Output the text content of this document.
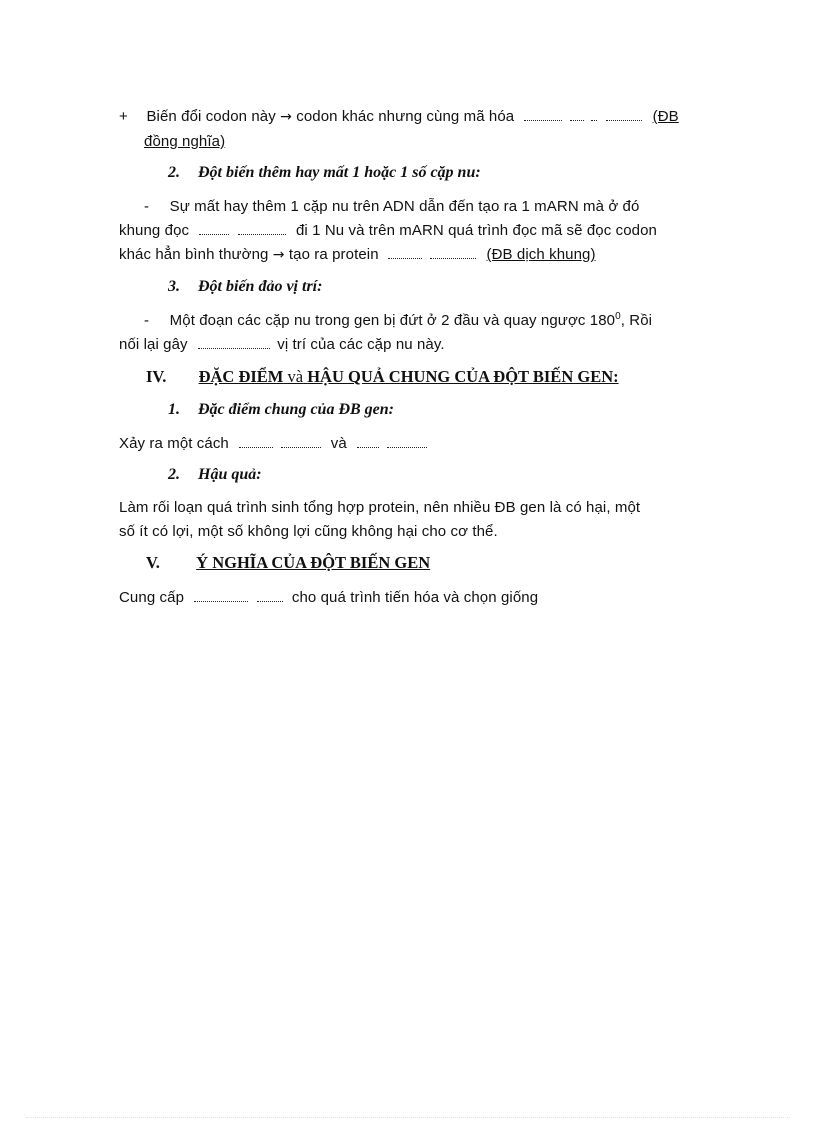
+ Biến đổi codon này → codon khác nhưng cùng mã hóa	(ĐB
đồng nghĩa)
2. Đột biến thêm hay mất 1 hoặc 1 số cặp nu:
- Sự mất hay thêm 1 cặp nu trên ADN dẫn đến tạo ra 1 mARN mà ở đó
khung đọc	đi 1 Nu và trên mARN quá trình đọc mã sẽ đọc codon
khác hẳn bình thường → tạo ra protein	(ĐB dịch khung)
3. Đột biến đảo vị trí:
- Một đoạn các cặp nu trong gen bị đứt ở 2 đầu và quay ngược $180^0$, Rồi
nối lại gây	vị trí của các cặp nu này.
IV. ĐẶC ĐIỂM và HẬU QUẢ CHUNG CỦA ĐỘT BIẾN GEN:
1. Đặc điểm chung của ĐB gen:
Xảy ra một cách	và
2. Hậu quả:
Làm rối loạn quá trình sinh tổng hợp protein, nên nhiều ĐB gen là có hại, một
số ít có lợi, một số không lợi cũng không hại cho cơ thể.
V. Ý NGHĨA CỦA ĐỘT BIẾN GEN
Cung cấp	cho quá trình tiến hóa và chọn giống
